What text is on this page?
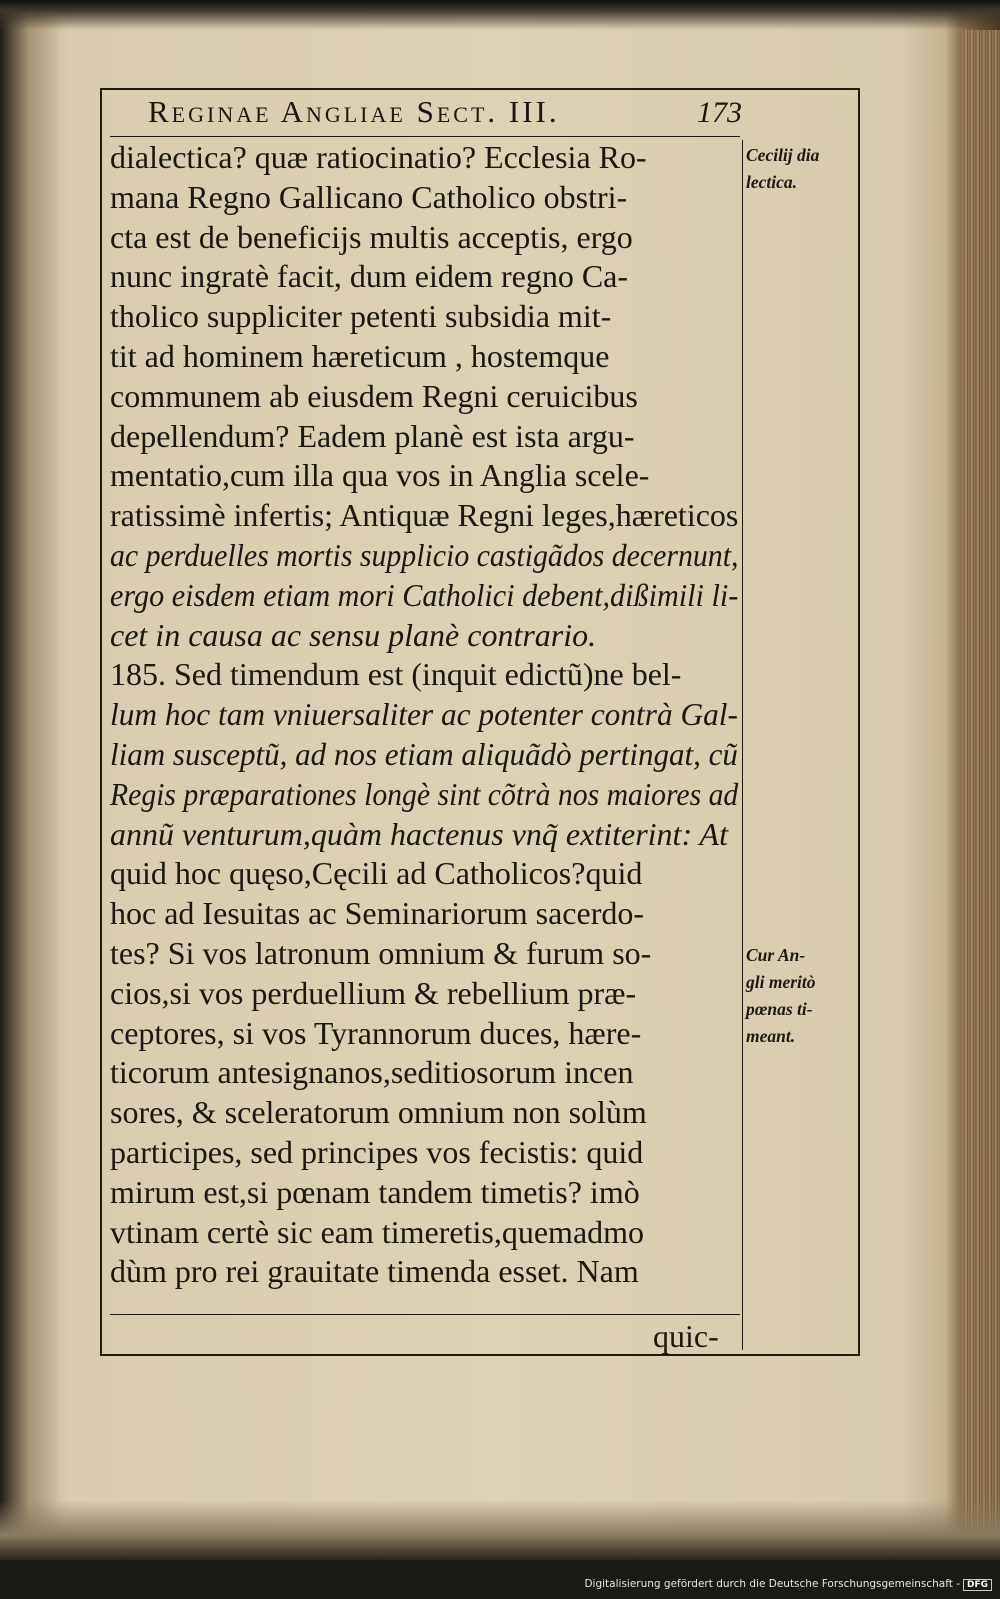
Reginae Angliae Sect. III.	173
dialectica? quæ ratiocinatio? Ecclesia Ro-
mana Regno Gallicano Catholico obstri-
cta est de beneficijs multis acceptis, ergo
nunc ingratè facit, dum eidem regno Ca-
tholico suppliciter petenti subsidia mit-
tit ad hominem hæreticum , hostemque
communem ab eiusdem Regni ceruicibus
depellendum? Eadem planè est ista argu-
mentatio,cum illa qua vos in Anglia scele-
ratissimè infertis; Antiquæ Regni leges,hæreticos
ac perduelles mortis supplicio castigãdos decernunt,
ergo eisdem etiam mori Catholici debent,dißimili li-
cet in causa ac sensu planè contrario.
185. Sed timendum est (inquit edictũ)ne bel-
lum hoc tam vniuersaliter ac potenter contrà Gal-
liam susceptũ, ad nos etiam aliquãdò pertingat, cũ
Regis præparationes longè sint cõtrà nos maiores ad
annũ venturum,quàm hactenus vnq̃ extiterint: At
quid hoc quęso,Cęcili ad Catholicos?quid
hoc ad Iesuitas ac Seminariorum sacerdo-
tes? Si vos latronum omnium & furum so-
cios,si vos perduellium & rebellium præ-
ceptores, si vos Tyrannorum duces, hære-
ticorum antesignanos,seditiosorum incen
sores, & sceleratorum omnium non solùm
participes, sed principes vos fecistis: quid
mirum est,si pœnam tandem timetis? imò
vtinam certè sic eam timeretis,quemadmo
dùm pro rei grauitate timenda esset. Nam
Cecilij dia
lectica.
Cur An-
gli meritò
pœnas ti-
meant.
quic-
Digitalisierung gefördert durch die Deutsche Forschungsgemeinschaft - DFG
